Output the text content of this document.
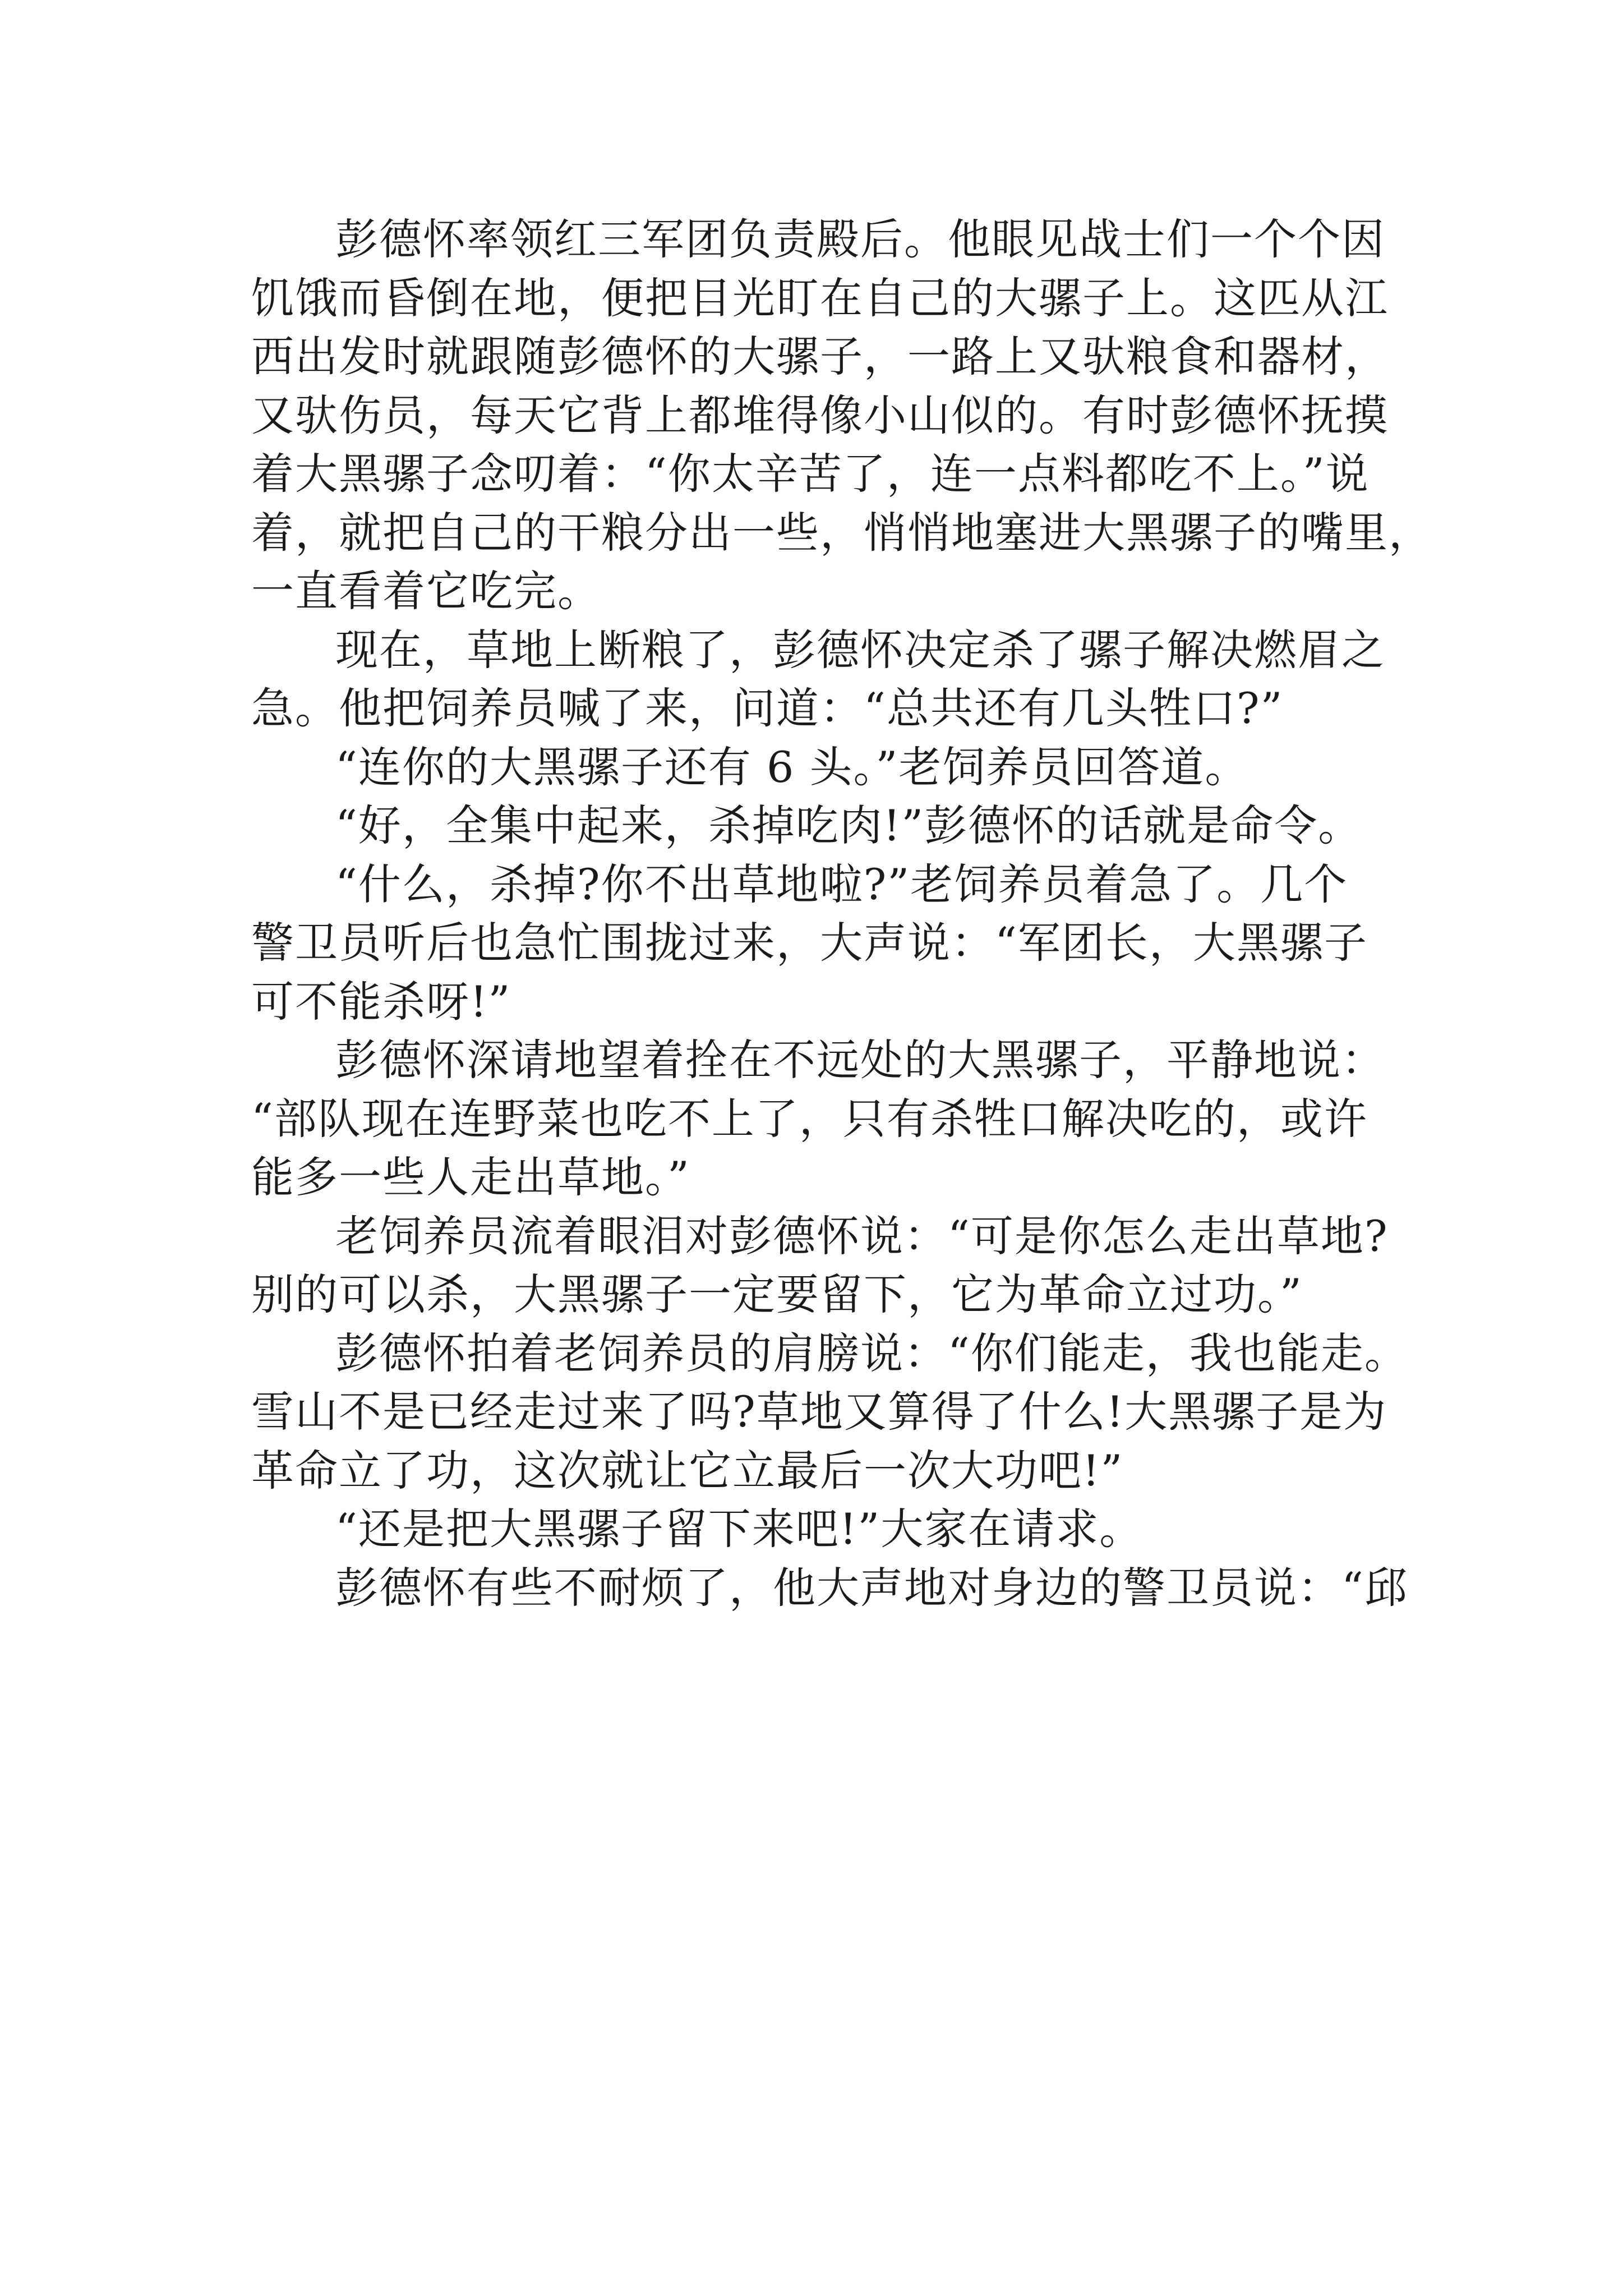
彭德怀率领红三军团负责殿后。他眼见战士们一个个因
饥饿而昏倒在地，便把目光盯在自己的大骡子上。这匹从江
西出发时就跟随彭德怀的大骡子，一路上又驮粮食和器材，
又驮伤员，每天它背上都堆得像小山似的。有时彭德怀抚摸
着大黑骡子念叨着：“你太辛苦了，连一点料都吃不上。”说
着，就把自己的干粮分出一些，悄悄地塞进大黑骡子的嘴里，
一直看着它吃完。
现在，草地上断粮了，彭德怀决定杀了骡子解决燃眉之
急。他把饲养员喊了来，问道：“总共还有几头牲口?”
“连你的大黑骡子还有 6 头。”老饲养员回答道。
“好，全集中起来，杀掉吃肉!”彭德怀的话就是命令。
“什么，杀掉?你不出草地啦?”老饲养员着急了。几个
警卫员听后也急忙围拢过来，大声说：“军团长，大黑骡子
可不能杀呀!”
彭德怀深请地望着拴在不远处的大黑骡子，平静地说：
“部队现在连野菜也吃不上了，只有杀牲口解决吃的，或许
能多一些人走出草地。”
老饲养员流着眼泪对彭德怀说：“可是你怎么走出草地?
别的可以杀，大黑骡子一定要留下，它为革命立过功。”
彭德怀拍着老饲养员的肩膀说：“你们能走，我也能走。
雪山不是已经走过来了吗?草地又算得了什么!大黑骡子是为
革命立了功，这次就让它立最后一次大功吧!”
“还是把大黑骡子留下来吧!”大家在请求。
彭德怀有些不耐烦了，他大声地对身边的警卫员说：“邱
